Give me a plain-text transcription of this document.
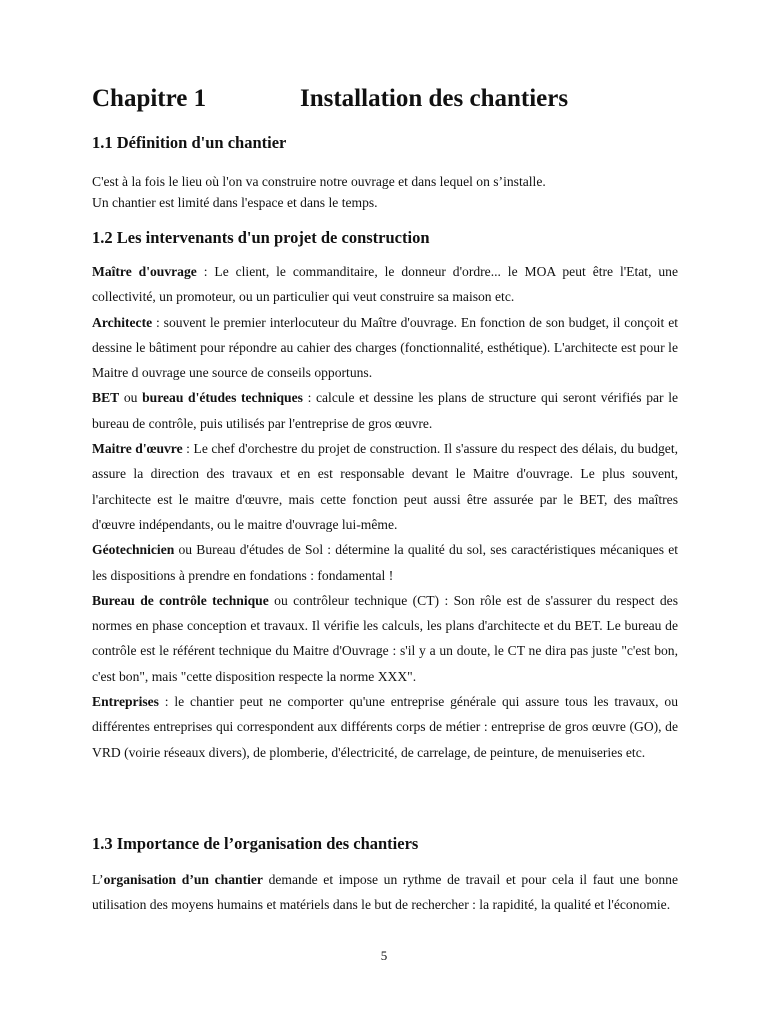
Chapitre 1	Installation des chantiers
1.1 Définition d'un chantier
C'est à la fois le lieu où l'on va construire notre ouvrage et dans lequel on s’installe.
Un chantier est limité dans l'espace et dans le temps.
1.2 Les intervenants d'un projet de construction

Maître d'ouvrage : Le client, le commanditaire, le donneur d'ordre... le MOA peut être l'Etat, une collectivité, un promoteur, ou un particulier qui veut construire sa maison etc.

Architecte : souvent le premier interlocuteur du Maître d'ouvrage. En fonction de son budget, il conçoit et dessine le bâtiment pour répondre au cahier des charges (fonctionnalité, esthétique). L'architecte est pour le Maitre d ouvrage une source de conseils opportuns.

BET ou bureau d'études techniques : calcule et dessine les plans de structure qui seront vérifiés par le bureau de contrôle, puis utilisés par l'entreprise de gros œuvre.

Maitre d'œuvre : Le chef d'orchestre du projet de construction. Il s'assure du respect des délais, du budget, assure la direction des travaux et en est responsable devant le Maitre d'ouvrage. Le plus souvent, l'architecte est le maitre d'œuvre, mais cette fonction peut aussi être assurée par le BET, des maîtres d'œuvre indépendants, ou le maitre d'ouvrage lui-même.

Géotechnicien ou Bureau d'études de Sol : détermine la qualité du sol, ses caractéristiques mécaniques et les dispositions à prendre en fondations : fondamental !

Bureau de contrôle technique ou contrôleur technique (CT) : Son rôle est de s'assurer du respect des normes en phase conception et travaux. Il vérifie les calculs, les plans d'architecte et du BET. Le bureau de contrôle est le référent technique du Maitre d'Ouvrage : s'il y a un doute, le CT ne dira pas juste "c'est bon, c'est bon", mais "cette disposition respecte la norme XXX".

Entreprises : le chantier peut ne comporter qu'une entreprise générale qui assure tous les travaux, ou différentes entreprises qui correspondent aux différents corps de métier : entreprise de gros œuvre (GO), de VRD (voirie réseaux divers), de plomberie, d'électricité, de carrelage, de peinture, de menuiseries etc.

1.3 Importance de l’organisation des chantiers

L’organisation d’un chantier demande et impose un rythme de travail et pour cela il faut une bonne utilisation des moyens humains et matériels dans le but de rechercher : la rapidité, la qualité et l'économie.

5
